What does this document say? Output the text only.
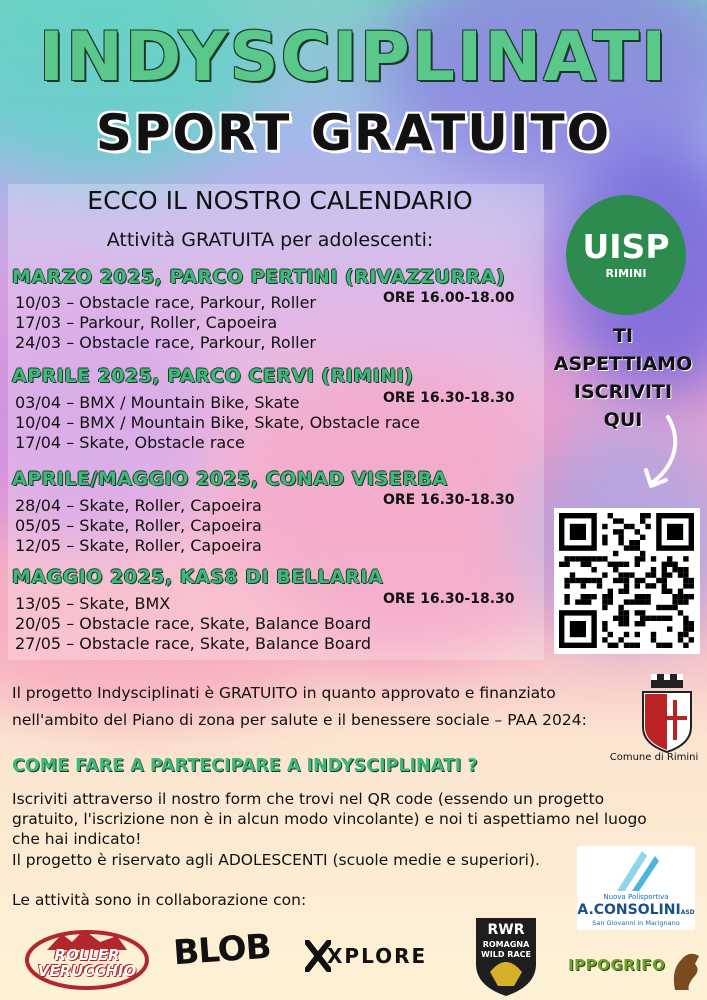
INDYSCIPLINATI
SPORT GRATUITO
ECCO IL NOSTRO CALENDARIO
Attività GRATUITA per adolescenti:
MARZO 2025, PARCO PERTINI (RIVAZZURRA)
ORE 16.00-18.00
10/03 – Obstacle race, Parkour, Roller
17/03 – Parkour, Roller, Capoeira
24/03 – Obstacle race, Parkour, Roller
APRILE 2025, PARCO CERVI (RIMINI)
ORE 16.30-18.30
03/04 – BMX / Mountain Bike, Skate
10/04 – BMX / Mountain Bike, Skate, Obstacle race
17/04 – Skate, Obstacle race
APRILE/MAGGIO 2025, CONAD VISERBA
ORE 16.30-18.30
28/04 – Skate, Roller, Capoeira
05/05 – Skate, Roller, Capoeira
12/05 – Skate, Roller, Capoeira
MAGGIO 2025, KAS8 DI BELLARIA
ORE 16.30-18.30
13/05 – Skate, BMX
20/05 – Obstacle race, Skate, Balance Board
27/05 – Obstacle race, Skate, Balance Board
UISP
RIMINI
TI
ASPETTIAMO
ISCRIVITI
QUI
Il progetto Indysciplinati è GRATUITO in quanto approvato e finanziato
nell'ambito del Piano di zona per salute e il benessere sociale – PAA 2024:
Comune di Rimini
COME FARE A PARTECIPARE A INDYSCIPLINATI ?
Iscriviti attraverso il nostro form che trovi nel QR code (essendo un progetto
gratuito, l'iscrizione non è in alcun modo vincolante) e noi ti aspettiamo nel luogo
che hai indicato!
Il progetto è riservato agli ADOLESCENTI (scuole medie e superiori).
Nuova Polisportiva
A.CONSOLINIASD
San Giovanni in Marignano
Le attività sono in collaborazione con:
ROLLER
VERUCCHIO	BLOB	XPLORE
RWR
ROMAGNA
WILD RACE
IPPOGRIFO
